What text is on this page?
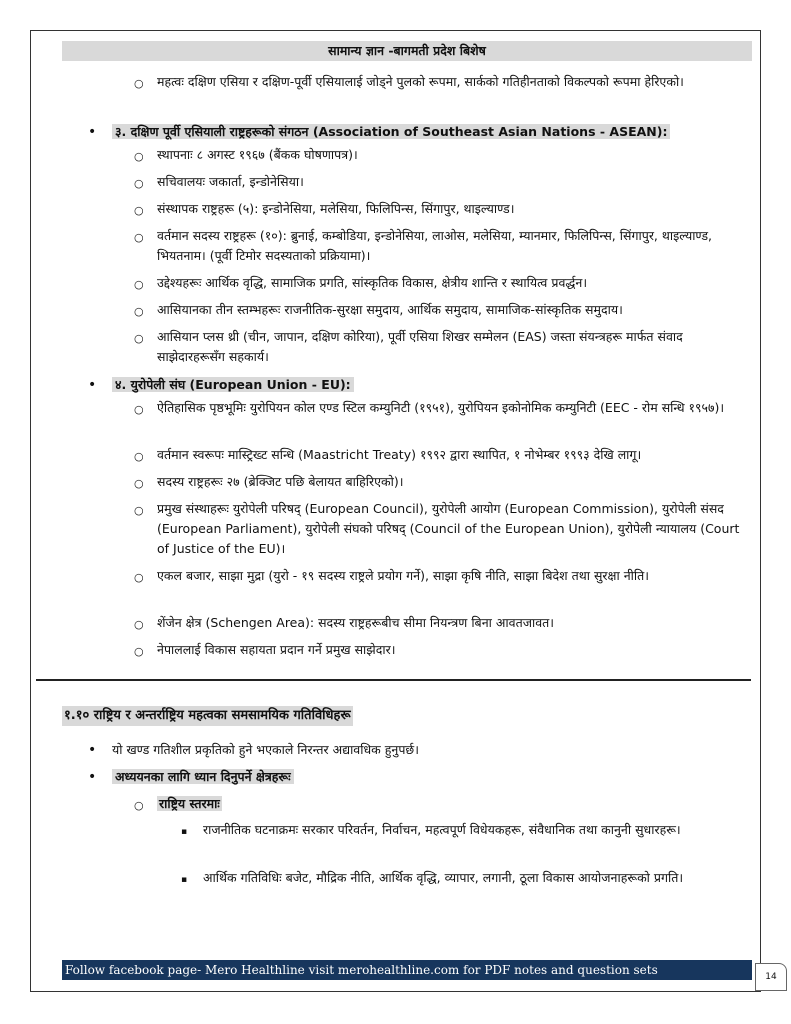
सामान्य ज्ञान -बागमती प्रदेश बिशेष
○ महत्वः दक्षिण एसिया र दक्षिण-पूर्वी एसियालाई जोड्ने पुलको रूपमा, सार्कको गतिहीनताको विकल्पको रूपमा हेरिएको।
• ३. दक्षिण पूर्वी एसियाली राष्ट्रहरूको संगठन (Association of Southeast Asian Nations - ASEAN):
○ स्थापनाः ८ अगस्ट १९६७ (बैंकक घोषणापत्र)।
○ सचिवालयः जकार्ता, इन्डोनेसिया।
○ संस्थापक राष्ट्रहरू (५): इन्डोनेसिया, मलेसिया, फिलिपिन्स, सिंगापुर, थाइल्याण्ड।
○ वर्तमान सदस्य राष्ट्रहरू (१०): ब्रुनाई, कम्बोडिया, इन्डोनेसिया, लाओस, मलेसिया, म्यानमार, फिलिपिन्स, सिंगापुर, थाइल्याण्ड, भियतनाम। (पूर्वी टिमोर सदस्यताको प्रक्रियामा)।
○ उद्देश्यहरूः आर्थिक वृद्धि, सामाजिक प्रगति, सांस्कृतिक विकास, क्षेत्रीय शान्ति र स्थायित्व प्रवर्द्धन।
○ आसियानका तीन स्तम्भहरूः राजनीतिक-सुरक्षा समुदाय, आर्थिक समुदाय, सामाजिक-सांस्कृतिक समुदाय।
○ आसियान प्लस थ्री (चीन, जापान, दक्षिण कोरिया), पूर्वी एसिया शिखर सम्मेलन (EAS) जस्ता संयन्त्रहरू मार्फत संवाद साझेदारहरूसँग सहकार्य।
• ४. युरोपेली संघ (European Union - EU):
○ ऐतिहासिक पृष्ठभूमिः युरोपियन कोल एण्ड स्टिल कम्युनिटी (१९५१), युरोपियन इकोनोमिक कम्युनिटी (EEC - रोम सन्धि १९५७)।
○ वर्तमान स्वरूपः मास्ट्रिख्ट सन्धि (Maastricht Treaty) १९९२ द्वारा स्थापित, १ नोभेम्बर १९९३ देखि लागू।
○ सदस्य राष्ट्रहरूः २७ (ब्रेक्जिट पछि बेलायत बाहिरिएको)।
○ प्रमुख संस्थाहरूः युरोपेली परिषद् (European Council), युरोपेली आयोग (European Commission), युरोपेली संसद (European Parliament), युरोपेली संघको परिषद् (Council of the European Union), युरोपेली न्यायालय (Court of Justice of the EU)।
○ एकल बजार, साझा मुद्रा (युरो - १९ सदस्य राष्ट्रले प्रयोग गर्ने), साझा कृषि नीति, साझा बिदेश तथा सुरक्षा नीति।
○ शेंजेन क्षेत्र (Schengen Area): सदस्य राष्ट्रहरूबीच सीमा नियन्त्रण बिना आवतजावत।
○ नेपाललाई विकास सहायता प्रदान गर्ने प्रमुख साझेदार।
१.१० राष्ट्रिय र अन्तर्राष्ट्रिय महत्वका समसामयिक गतिविधिहरू
• यो खण्ड गतिशील प्रकृतिको हुने भएकाले निरन्तर अद्यावधिक हुनुपर्छ।
• अध्ययनका लागि ध्यान दिनुपर्ने क्षेत्रहरूः
○ राष्ट्रिय स्तरमाः
▪ राजनीतिक घटनाक्रमः सरकार परिवर्तन, निर्वाचन, महत्वपूर्ण विधेयकहरू, संवैधानिक तथा कानुनी सुधारहरू।
▪ आर्थिक गतिविधिः बजेट, मौद्रिक नीति, आर्थिक वृद्धि, व्यापार, लगानी, ठूला विकास आयोजनाहरूको प्रगति।
Follow facebook page- Mero Healthline visit merohealthline.com for PDF notes and question sets	14
